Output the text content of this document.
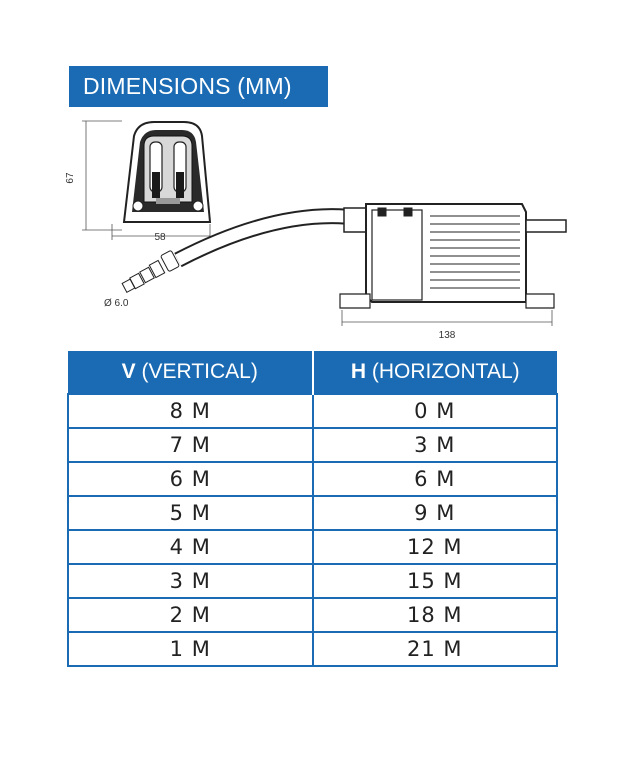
DIMENSIONS (MM)
67
58
Ø 6.0
138
V (VERTICAL)	H (HORIZONTAL)
8 M	0 M
7 M	3 M
6 M	6 M
5 M	9 M
4 M	12 M
3 M	15 M
2 M	18 M
1 M	21 M
